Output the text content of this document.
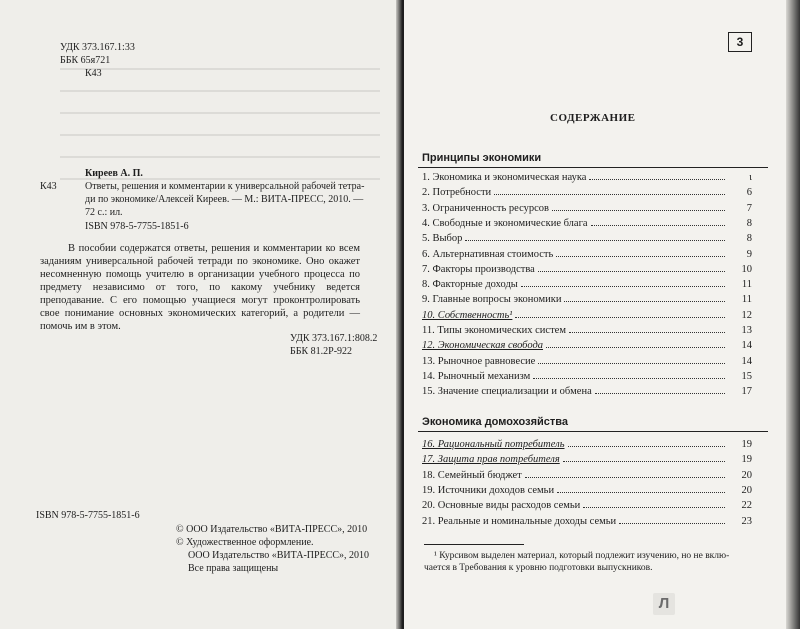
УДК 373.167.1:33
ББК 65я721
К43
Киреев А. П.
К43	Ответы, решения и комментарии к универсальной рабочей тетра-
ди по экономике/Алексей Киреев. — М.: ВИТА-ПРЕСС, 2010. —
72 с.: ил.
ISBN 978-5-7755-1851-6
В пособии содержатся ответы, решения и комментарии ко всем заданиям универсальной рабочей тетради по экономике. Оно окажет несомненную помощь учителю в организации учебного процесса по предмету независимо от того, по какому учебнику ведется преподавание. С его помощью учащиеся могут проконтролировать свое понимание основных экономических категорий, а родители — помочь им в этом.
УДК 373.167.1:808.2
ББК 81.2Р-922
ISBN 978-5-7755-1851-6
© ООО Издательство «ВИТА-ПРЕСС», 2010
© Художественное оформление.
ООО Издательство «ВИТА-ПРЕСС», 2010
Все права защищены
3
СОДЕРЖАНИЕ
Принципы экономики
1. Экономика и экономическая наука	ι
2. Потребности	6
3. Ограниченность ресурсов	7
4. Свободные и экономические блага	8
5. Выбор	8
6. Альтернативная стоимость	9
7. Факторы производства	10
8. Факторные доходы	11
9. Главные вопросы экономики	11
10. Собственность¹	12
11. Типы экономических систем	13
12. Экономическая свобода	14
13. Рыночное равновесие	14
14. Рыночный механизм	15
15. Значение специализации и обмена	17
Экономика домохозяйства
16. Рациональный потребитель	19
17. Защита прав потребителя	19
18. Семейный бюджет	20
19. Источники доходов семьи	20
20. Основные виды расходов семьи	22
21. Реальные и номинальные доходы семьи	23
¹ Курсивом выделен материал, который подлежит изучению, но не вклю-
чается в Требования к уровню подготовки выпускников.
Л
